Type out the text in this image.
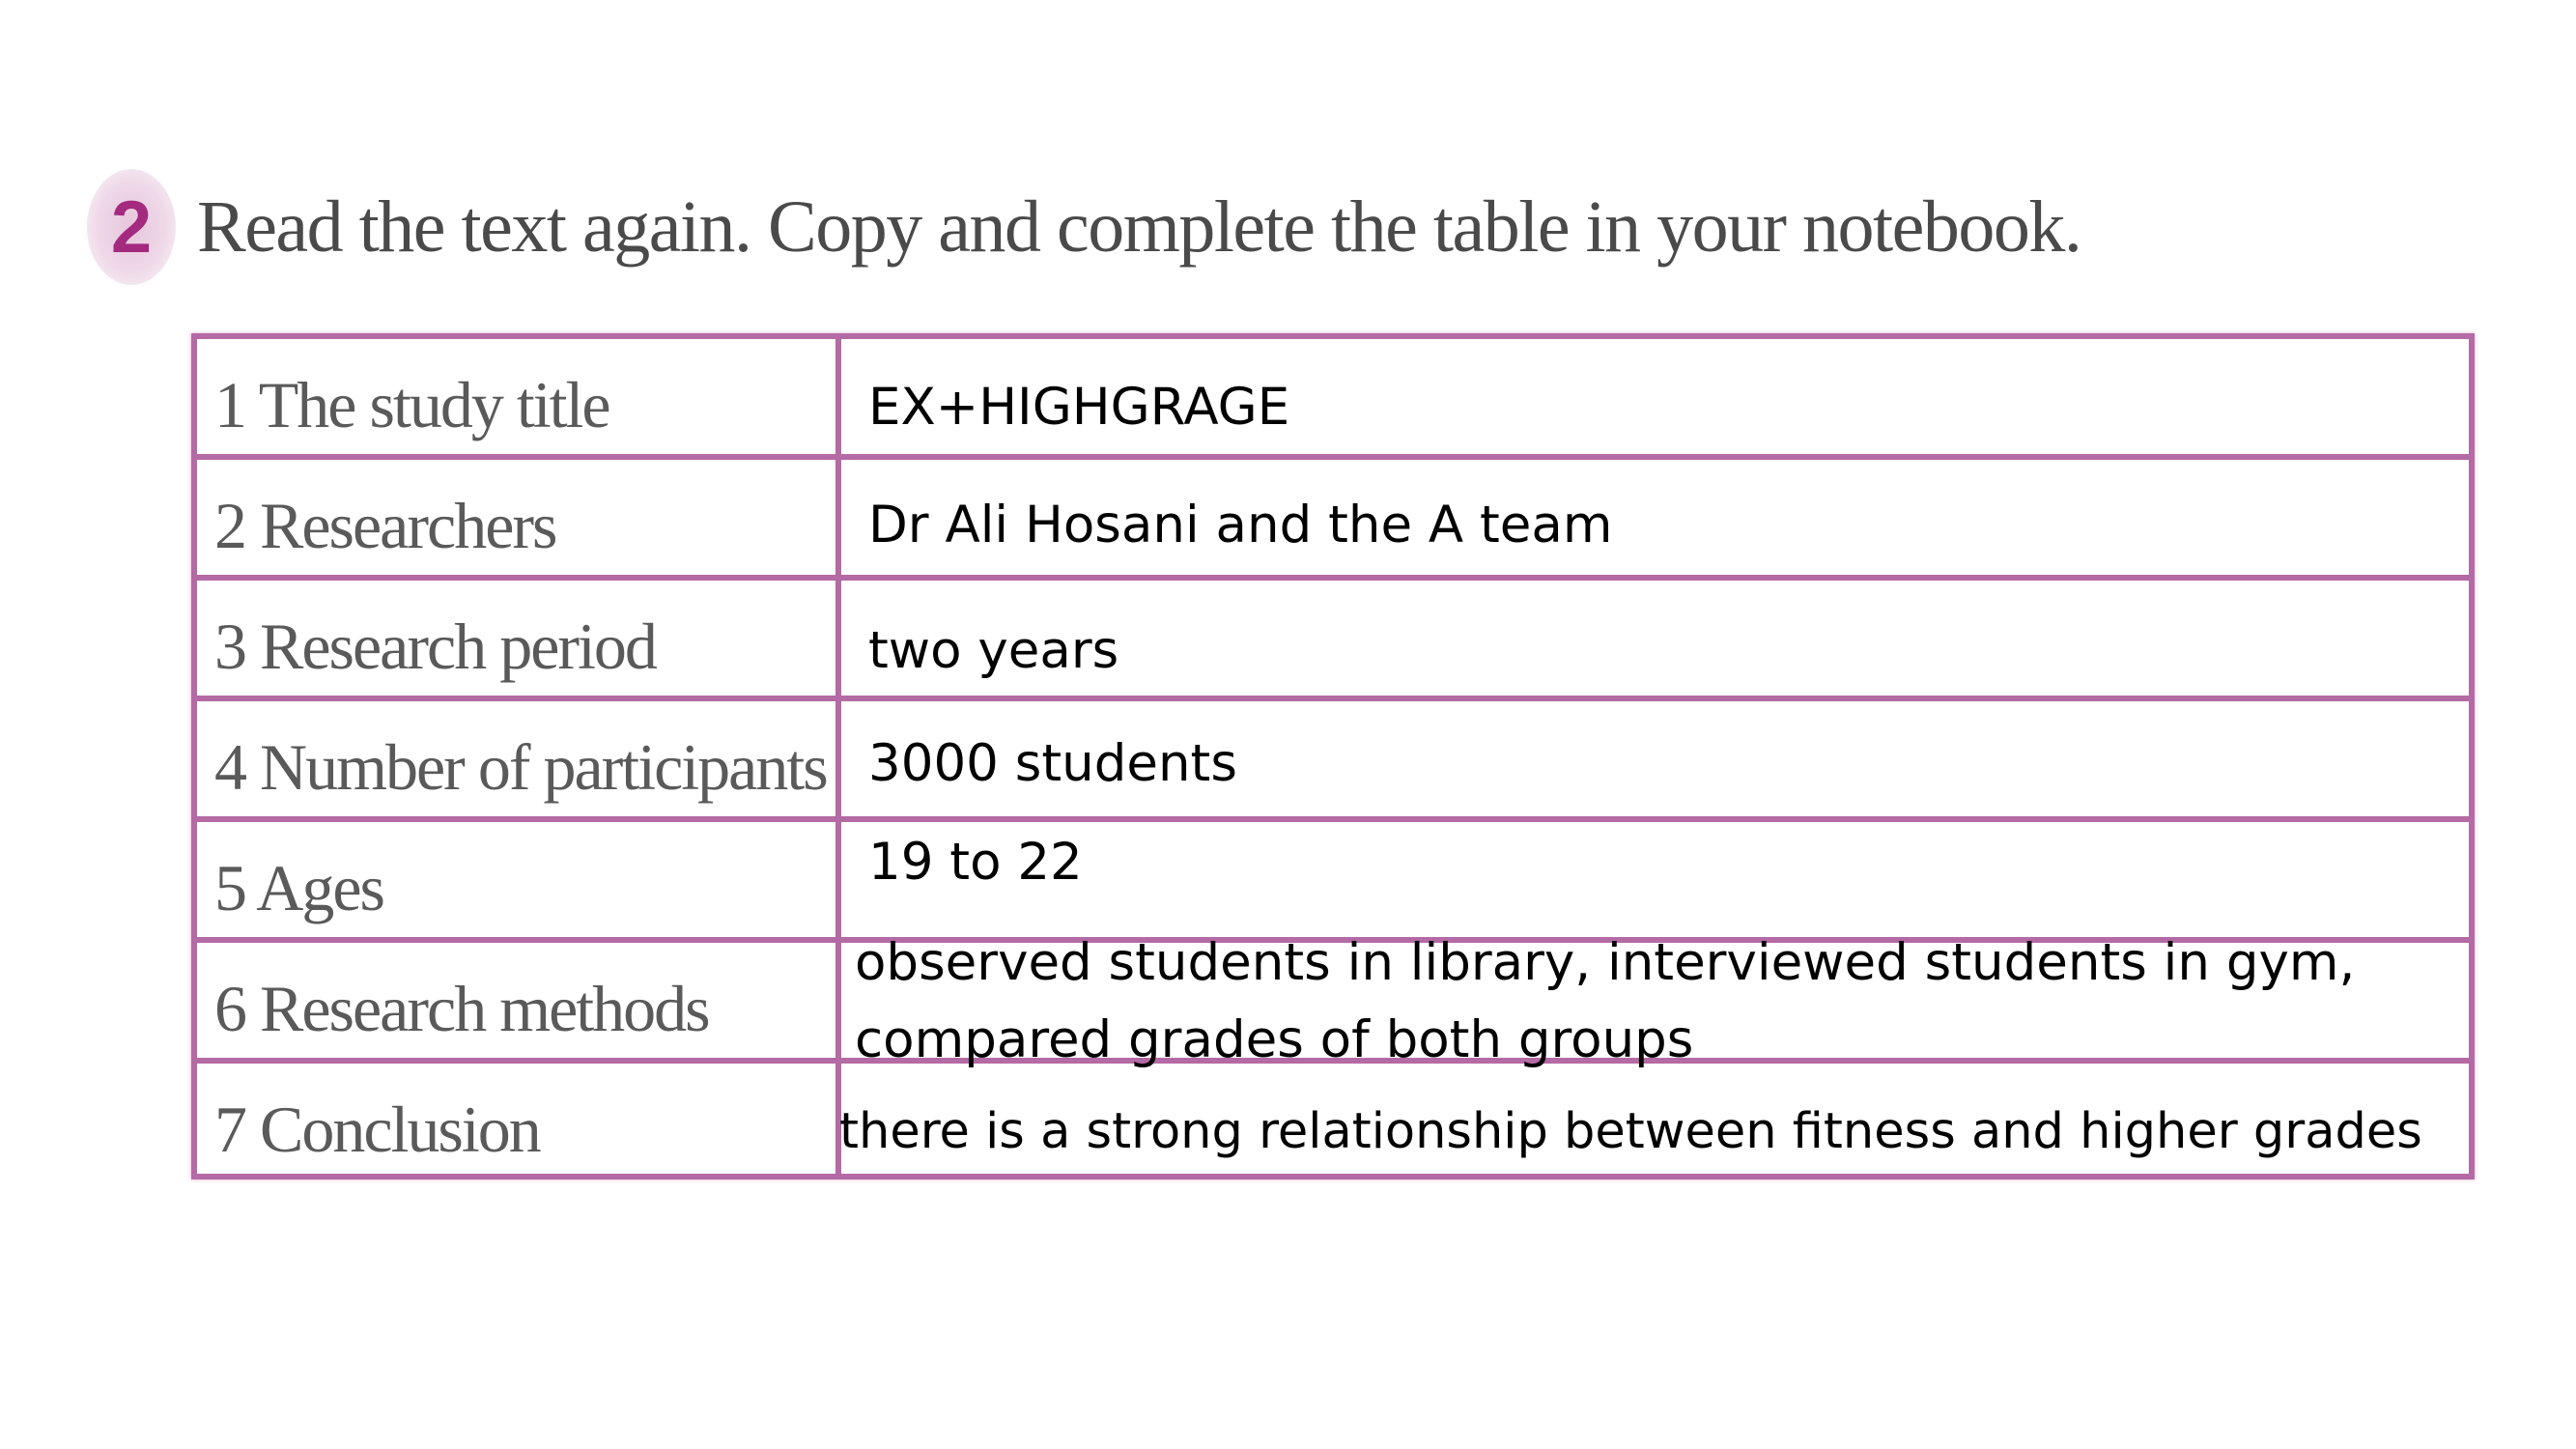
2 Read the text again. Copy and complete the table in your notebook.
1 The study title
2 Researchers
3 Research period
4 Number of participants
5 Ages
6 Research methods
7 Conclusion
EX+HIGHGRAGE
Dr Ali Hosani and the A team
two years
3000 students
19 to 22
observed students in library, interviewed students in gym,
compared grades of both groups
there is a strong relationship between fitness and higher grades
